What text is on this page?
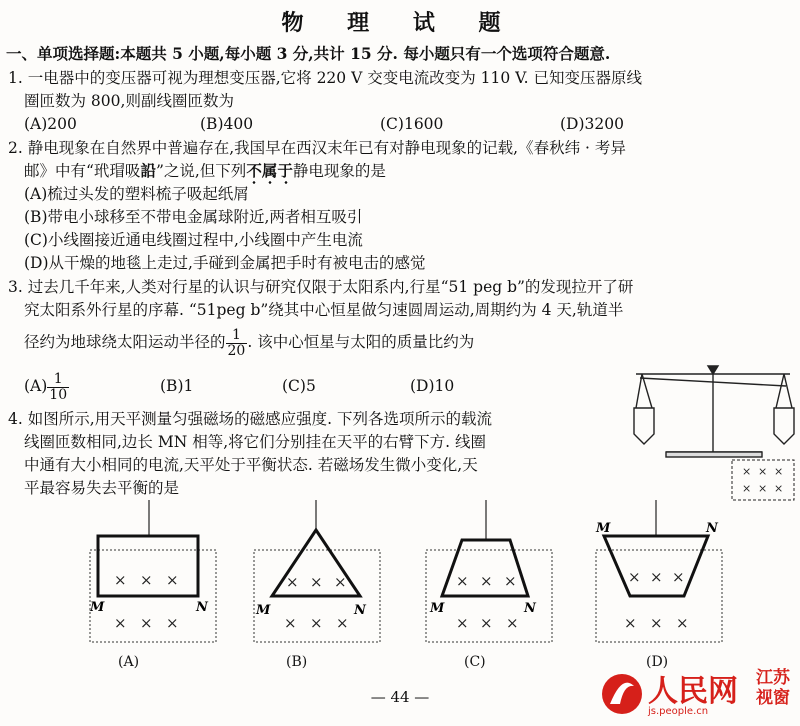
物 理 试 题
一、单项选择题:本题共 5 小题,每小题 3 分,共计 15 分. 每小题只有一个选项符合题意.
1. 一电器中的变压器可视为理想变压器,它将 220 V 交变电流改变为 110 V. 已知变压器原线
圈匝数为 800,则副线圈匝数为
(A)200	(B)400	(C)1600	(D)3200
2. 静电现象在自然界中普遍存在,我国早在西汉末年已有对静电现象的记载,《春秋纬 · 考异
邮》中有“玳瑁吸䛇”之说,但下列不属于静电现象的是
(A)梳过头发的塑料梳子吸起纸屑
(B)带电小球移至不带电金属球附近,两者相互吸引
(C)小线圈接近通电线圈过程中,小线圈中产生电流
(D)从干燥的地毯上走过,手碰到金属把手时有被电击的感觉
3. 过去几千年来,人类对行星的认识与研究仅限于太阳系内,行星“51 peg b”的发现拉开了研
究太阳系外行星的序幕. “51peg b”绕其中心恒星做匀速圆周运动,周期约为 4 天,轨道半
径约为地球绕太阳运动半径的 $\frac{1}{20}$ . 该中心恒星与太阳的质量比约为
$(A) \frac{1}{10}$	(B)1	(C)5	(D)10
4. 如图所示,用天平测量匀强磁场的磁感应强度. 下列各选项所示的载流
线圈匝数相同,边长 MN 相等,将它们分别挂在天平的右臂下方. 线圈
中通有大小相同的电流,天平处于平衡状态. 若磁场发生微小变化,天
平最容易失去平衡的是
× × ×
× × ×
× × ×
× × ×
M	N
(A)
× × ×
× × ×
M	N
(B)
× × ×
× × ×
M	N
(C)
× × ×
× × ×
M	N
(D)
— 44 —	人民网	江苏
视窗
js.people.cn
